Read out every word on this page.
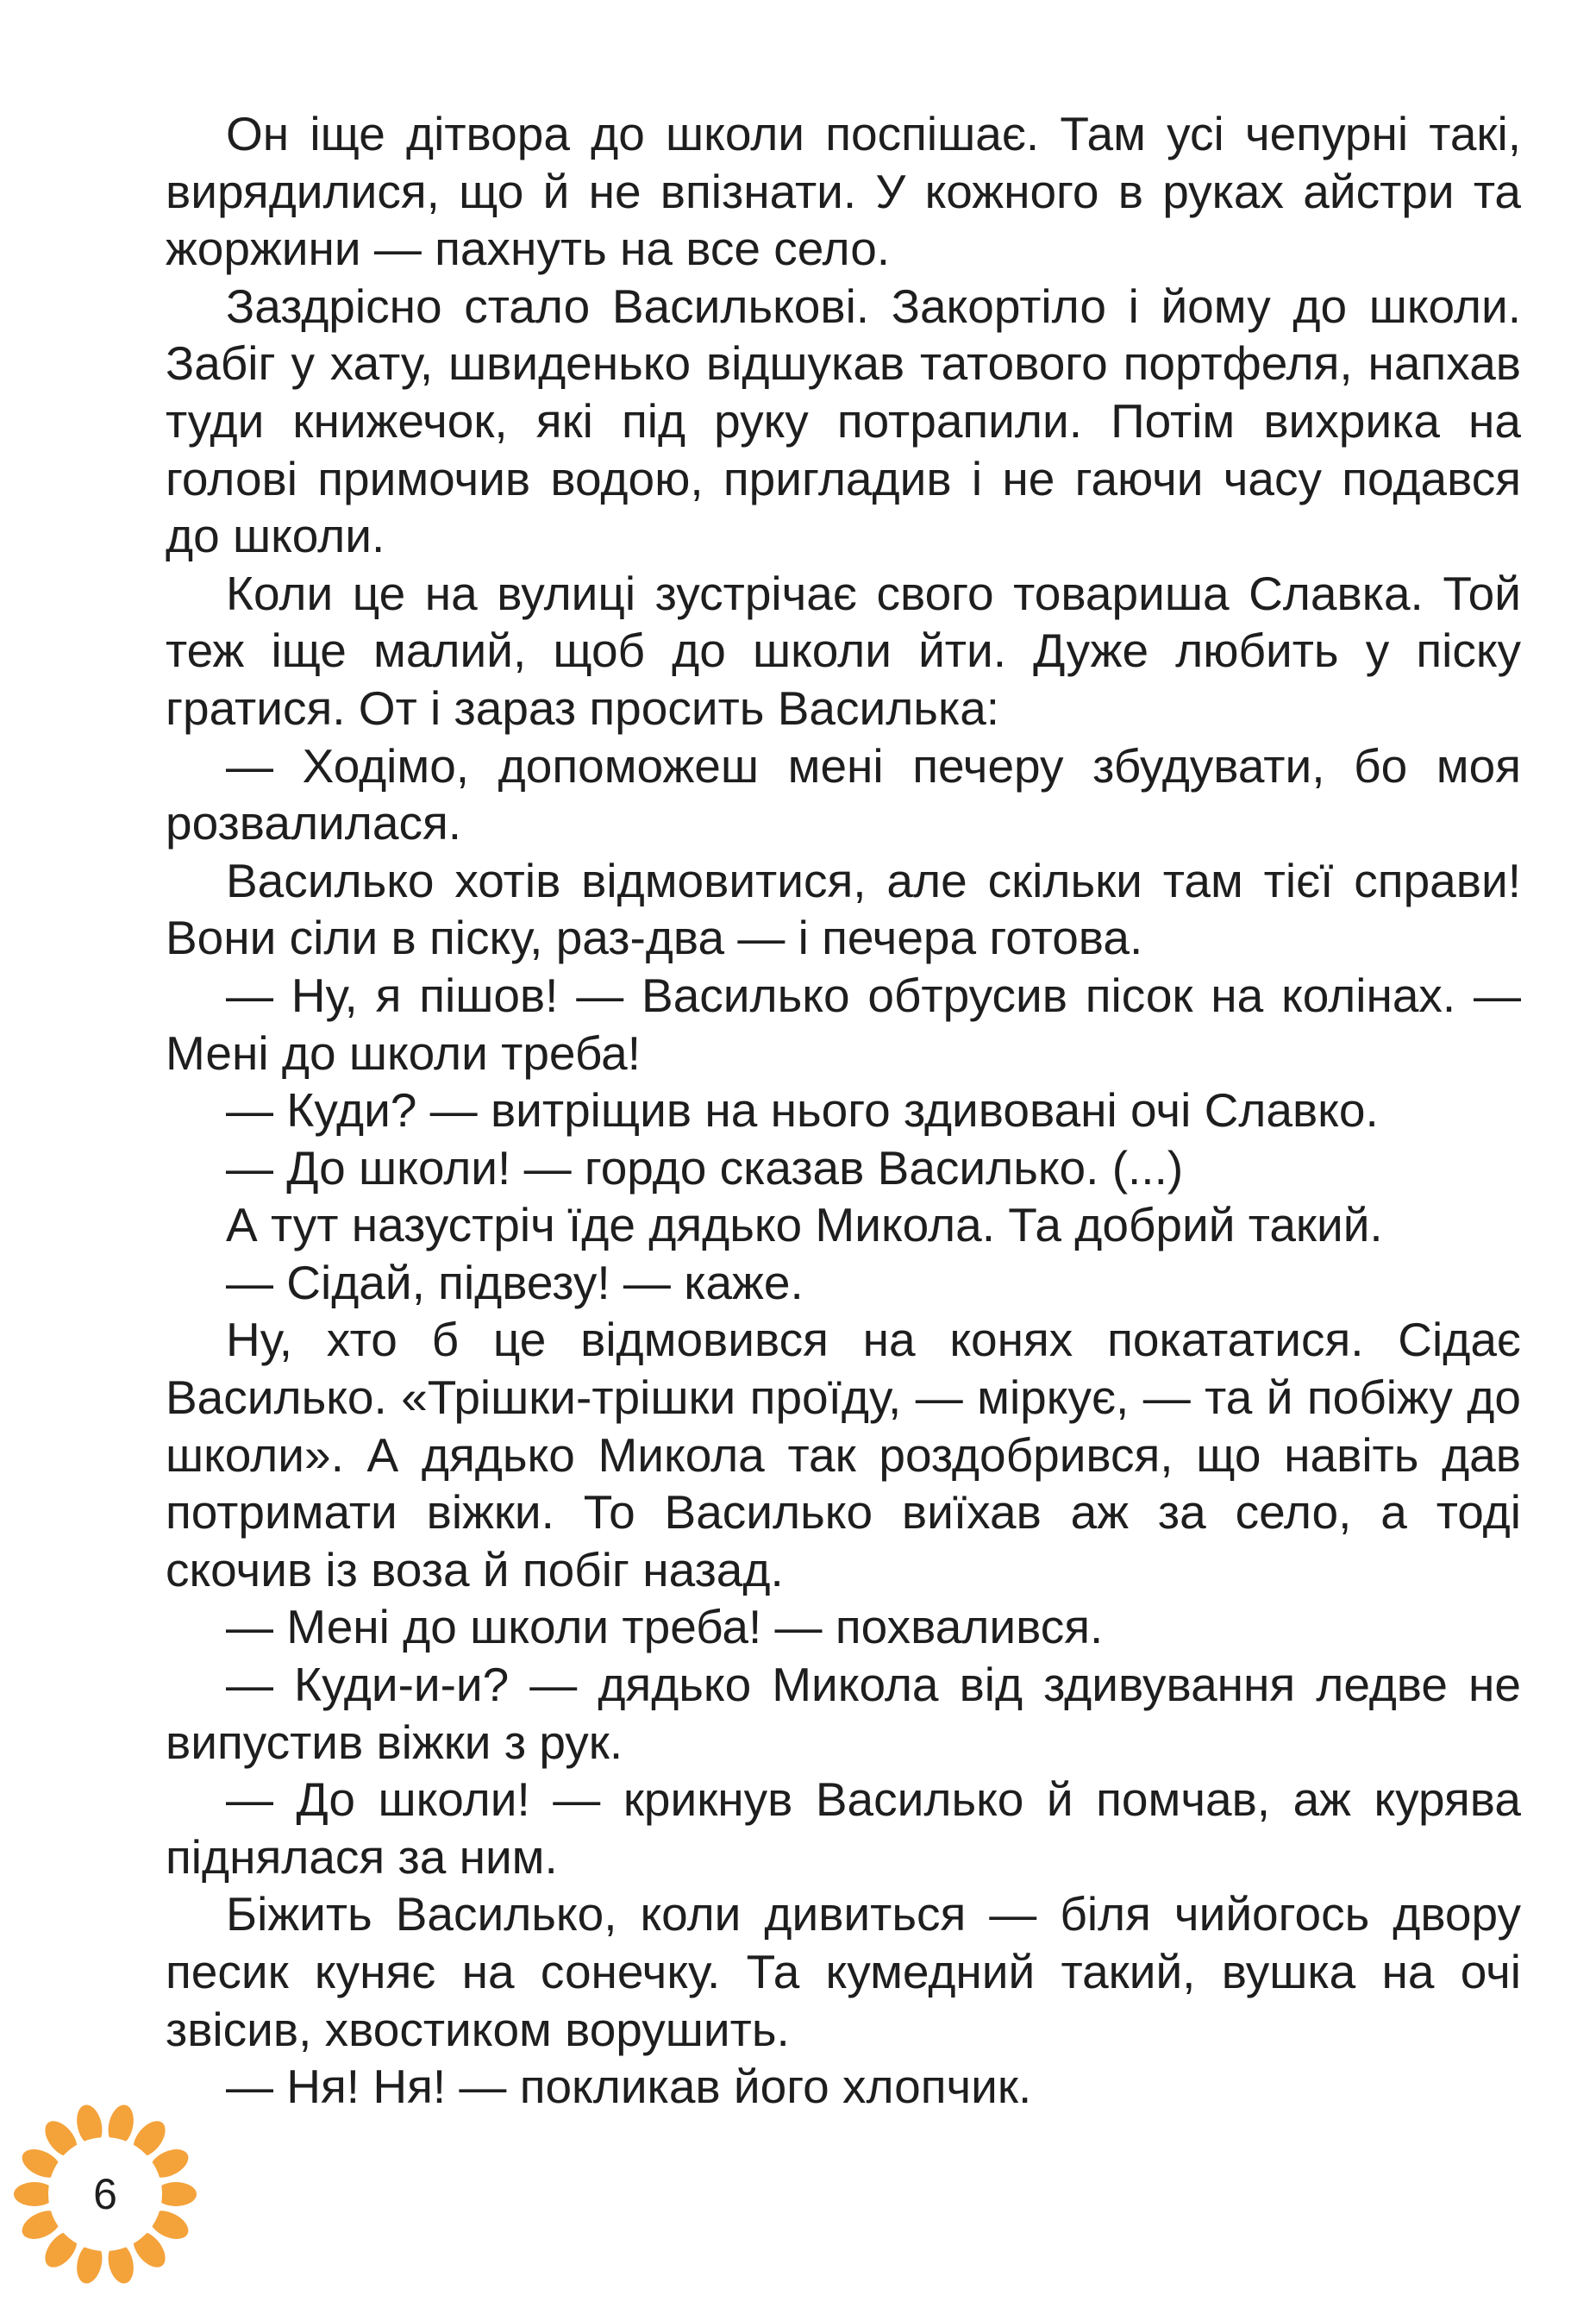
Он іще дітвора до школи поспішає. Там усі чепурні такі, вирядилися, що й не впізнати. У кожного в руках айстри та жоржини — пахнуть на все село.

Заздрісно стало Василькові. Закортіло і йому до школи. Забіг у хату, швиденько відшукав татового портфеля, напхав туди книжечок, які під руку потрапили. Потім вихрика на голові примочив водою, пригладив і не гаючи часу подався до школи.

Коли це на вулиці зустрічає свого товариша Славка. Той теж іще малий, щоб до школи йти. Дуже любить у піску гратися. От і зараз просить Василька:

— Ходімо, допоможеш мені печеру збудувати, бо моя розвалилася.

Василько хотів відмовитися, але скільки там тієї справи! Вони сіли в піску, раз-два — і печера готова.

— Ну, я пішов! — Василько обтрусив пісок на колінах. — Мені до школи треба!

— Куди? — витріщив на нього здивовані очі Славко.

— До школи! — гордо сказав Василько. (...)

А тут назустріч їде дядько Микола. Та добрий такий.

— Сідай, підвезу! — каже.

Ну, хто б це відмовився на конях покататися. Сідає Василько. «Трішки-трішки проїду, — міркує, — та й побіжу до школи». А дядько Микола так роздобрився, що навіть дав потримати віжки. То Василько виїхав аж за село, а тоді скочив із воза й побіг назад.

— Мені до школи треба! — похвалився.

— Куди-и-и? — дядько Микола від здивування ледве не випустив віжки з рук.

— До школи! — крикнув Василько й помчав, аж курява піднялася за ним.

Біжить Василько, коли дивиться — біля чийогось двору песик куняє на сонечку. Та кумедний такий, вушка на очі звісив, хвостиком ворушить.

— Ня! Ня! — покликав його хлопчик.

6
